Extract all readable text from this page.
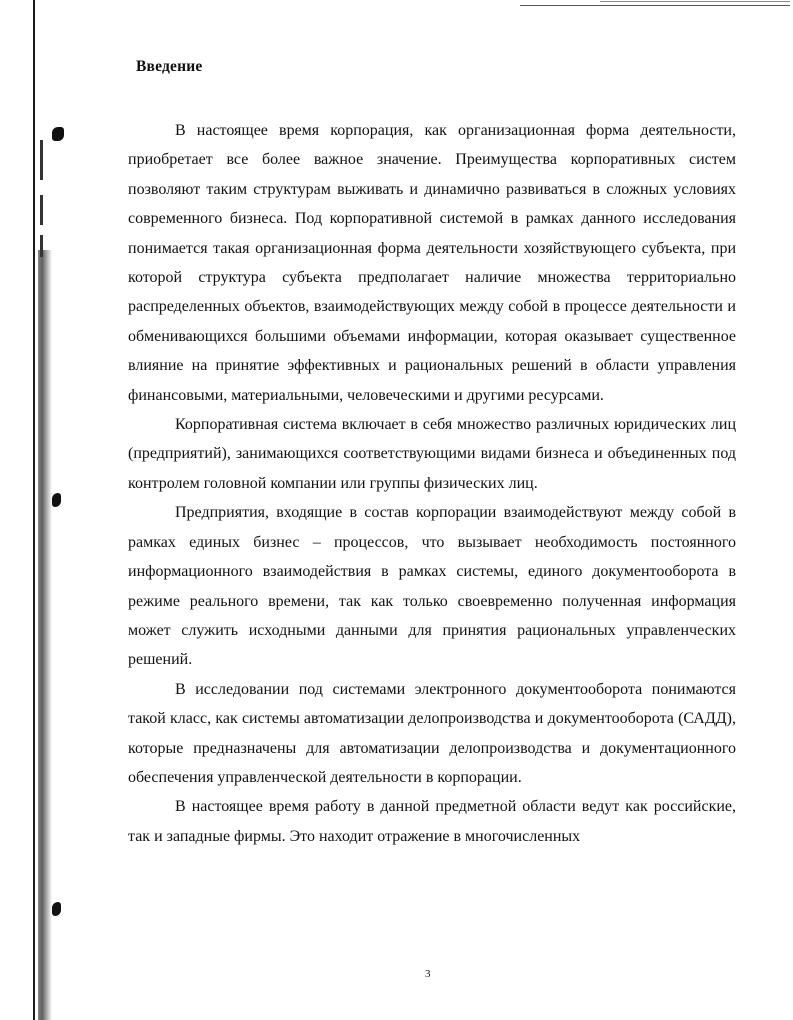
Введение

В настоящее время корпорация, как организационная форма деятельности, приобретает все более важное значение. Преимущества корпоративных систем позволяют таким структурам выживать и динамично развиваться в сложных условиях современного бизнеса. Под корпоративной системой в рамках данного исследования понимается такая организационная форма деятельности хозяйствующего субъекта, при которой структура субъекта предполагает наличие множества территориально распределенных объектов, взаимодействующих между собой в процессе деятельности и обменивающихся большими объемами информации, которая оказывает существенное влияние на принятие эффективных и рациональных решений в области управления финансовыми, материальными, человеческими и другими ресурсами.

Корпоративная система включает в себя множество различных юридических лиц (предприятий), занимающихся соответствующими видами бизнеса и объединенных под контролем головной компании или группы физических лиц.

Предприятия, входящие в состав корпорации взаимодействуют между собой в рамках единых бизнес – процессов, что вызывает необходимость постоянного информационного взаимодействия в рамках системы, единого документооборота в режиме реального времени, так как только своевременно полученная информация может служить исходными данными для принятия рациональных управленческих решений.

В исследовании под системами электронного документооборота понимаются такой класс, как системы автоматизации делопроизводства и документооборота (САДД), которые предназначены для автоматизации делопроизводства и документационного обеспечения управленческой деятельности в корпорации.

В настоящее время работу в данной предметной области ведут как российские, так и западные фирмы. Это находит отражение в многочисленных

3
